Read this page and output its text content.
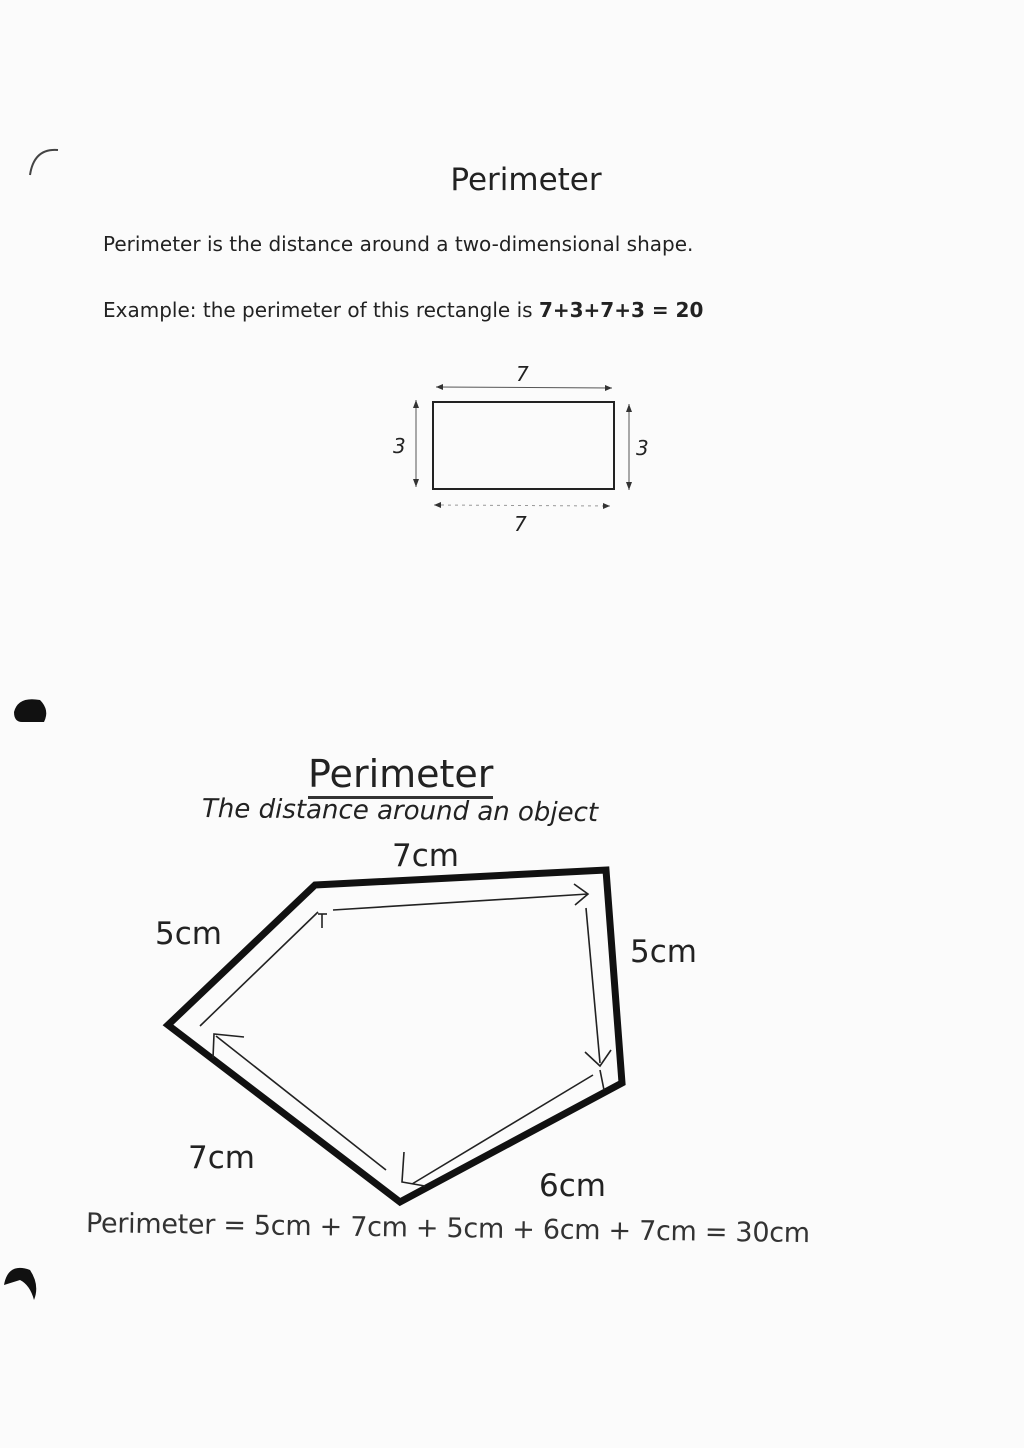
Perimeter
Perimeter is the distance around a two-dimensional shape.
Example: the perimeter of this rectangle is 7+3+7+3 = 20
7
7
3	3
Perimeter
The distance around an object
7cm
5cm	5cm
7cm
6cm
Perimeter = 5cm + 7cm + 5cm + 6cm + 7cm = 30cm
